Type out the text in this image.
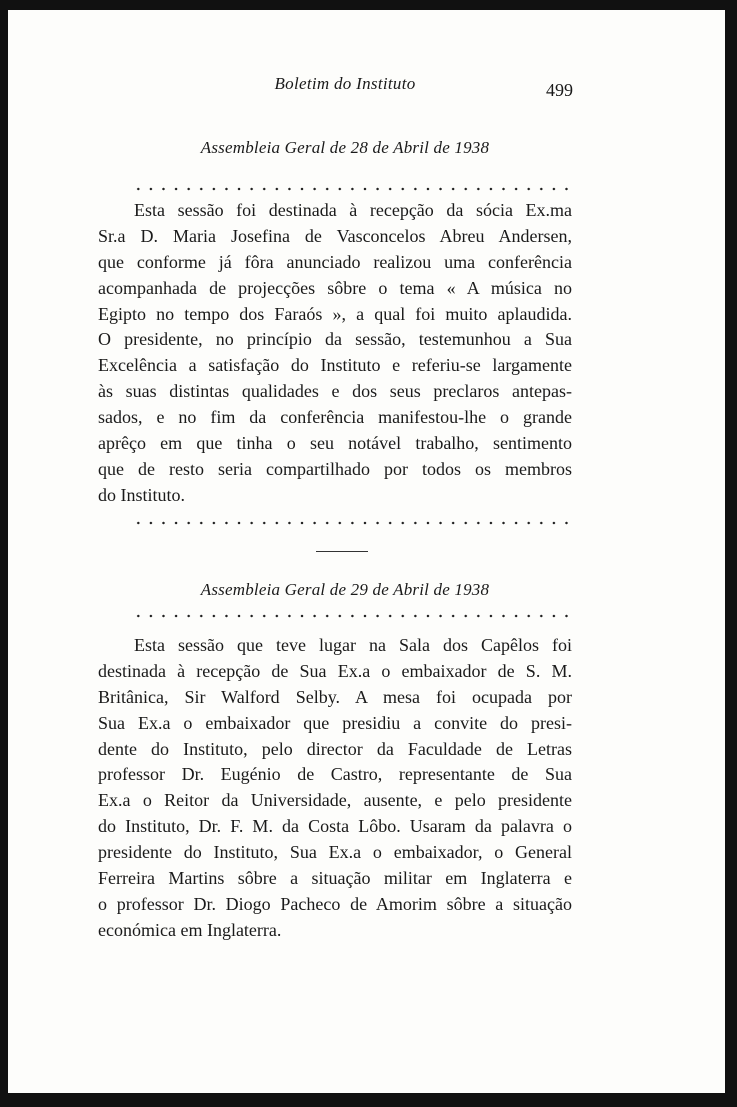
Boletim do Instituto	499
Assembleia Geral de 28 de Abril de 1938
Esta sessão foi destinada à recepção da sócia Ex.ma
Sr.a D. Maria Josefina de Vasconcelos Abreu Andersen,
que conforme já fôra anunciado realizou uma conferência
acompanhada de projecções sôbre o tema « A música no
Egipto no tempo dos Faraós », a qual foi muito aplaudida.
O presidente, no princípio da sessão, testemunhou a Sua
Excelência a satisfação do Instituto e referiu-se largamente
às suas distintas qualidades e dos seus preclaros antepas-
sados, e no fim da conferência manifestou-lhe o grande
aprêço em que tinha o seu notável trabalho, sentimento
que de resto seria compartilhado por todos os membros
do Instituto.
Assembleia Geral de 29 de Abril de 1938
Esta sessão que teve lugar na Sala dos Capêlos foi
destinada à recepção de Sua Ex.a o embaixador de S. M.
Britânica, Sir Walford Selby. A mesa foi ocupada por
Sua Ex.a o embaixador que presidiu a convite do presi-
dente do Instituto, pelo director da Faculdade de Letras
professor Dr. Eugénio de Castro, representante de Sua
Ex.a o Reitor da Universidade, ausente, e pelo presidente
do Instituto, Dr. F. M. da Costa Lôbo. Usaram da palavra o
presidente do Instituto, Sua Ex.a o embaixador, o General
Ferreira Martins sôbre a situação militar em Inglaterra e
o professor Dr. Diogo Pacheco de Amorim sôbre a situação
económica em Inglaterra.
